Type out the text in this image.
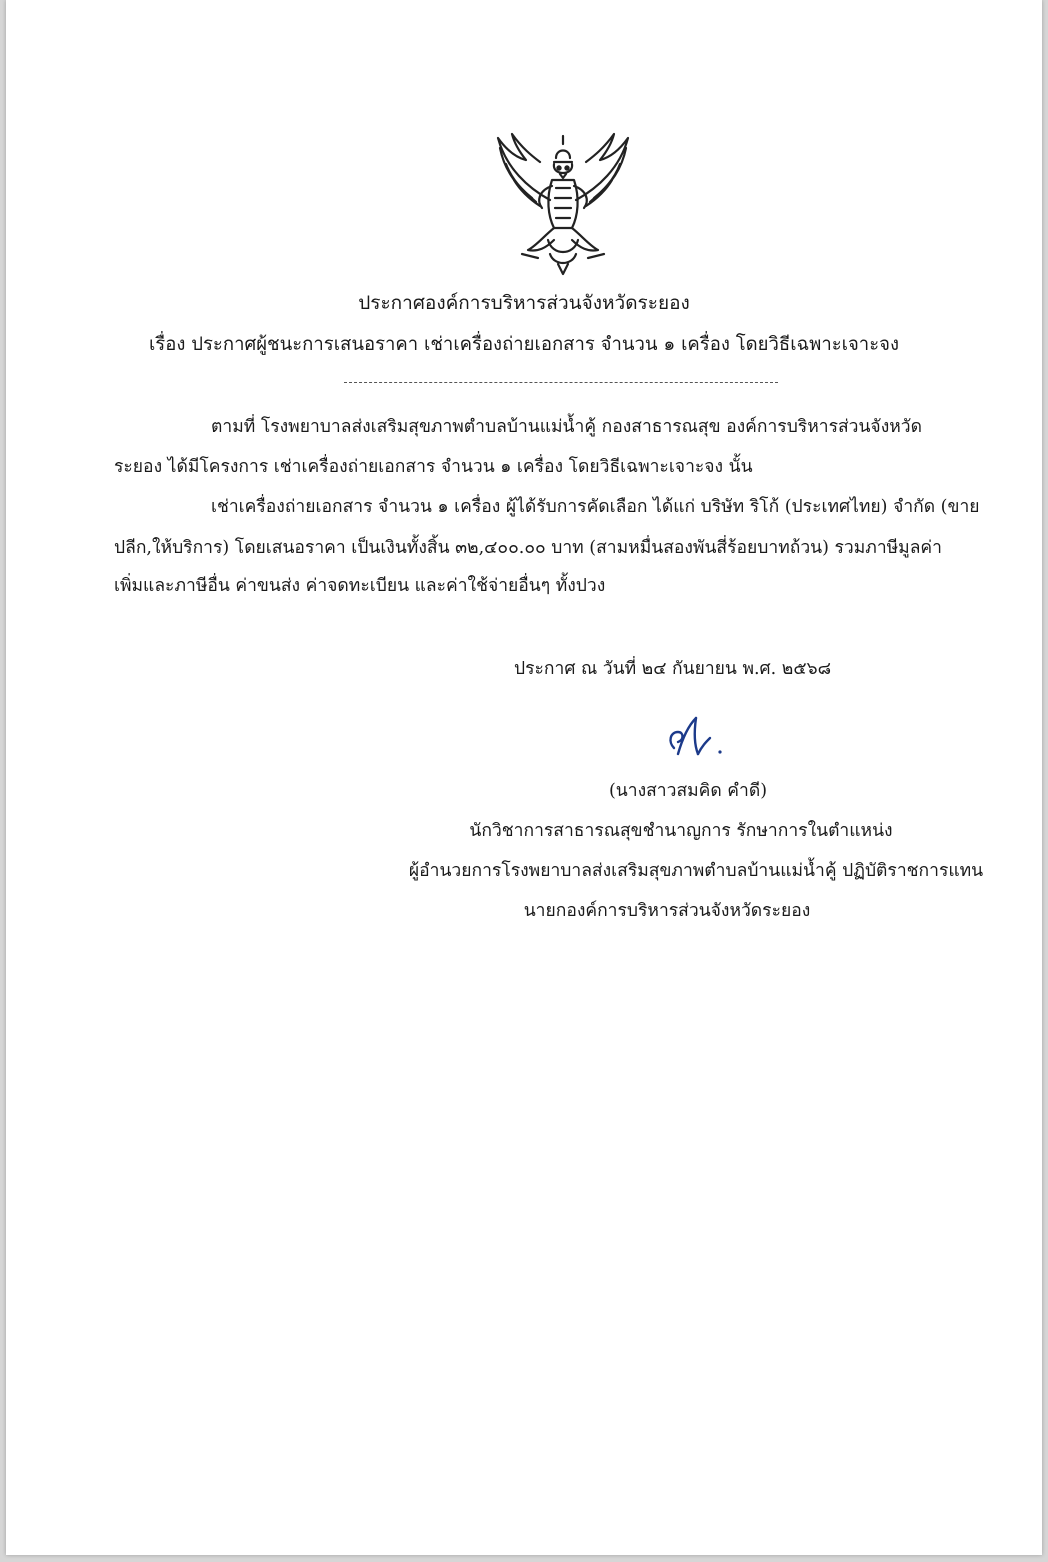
ประกาศองค์การบริหารส่วนจังหวัดระยอง
เรื่อง ประกาศผู้ชนะการเสนอราคา เช่าเครื่องถ่ายเอกสาร จำนวน ๑ เครื่อง โดยวิธีเฉพาะเจาะจง
ตามที่ โรงพยาบาลส่งเสริมสุขภาพตำบลบ้านแม่น้ำคู้ กองสาธารณสุข องค์การบริหารส่วนจังหวัด
ระยอง ได้มีโครงการ เช่าเครื่องถ่ายเอกสาร จำนวน ๑ เครื่อง โดยวิธีเฉพาะเจาะจง นั้น
เช่าเครื่องถ่ายเอกสาร จำนวน ๑ เครื่อง ผู้ได้รับการคัดเลือก ได้แก่ บริษัท ริโก้ (ประเทศไทย) จำกัด (ขาย
ปลีก,ให้บริการ) โดยเสนอราคา เป็นเงินทั้งสิ้น ๓๒,๔๐๐.๐๐ บาท (สามหมื่นสองพันสี่ร้อยบาทถ้วน) รวมภาษีมูลค่า
เพิ่มและภาษีอื่น ค่าขนส่ง ค่าจดทะเบียน และค่าใช้จ่ายอื่นๆ ทั้งปวง
ประกาศ ณ วันที่ ๒๔ กันยายน พ.ศ. ๒๕๖๘
(นางสาวสมคิด คำดี)
นักวิชาการสาธารณสุขชำนาญการ รักษาการในตำแหน่ง
ผู้อำนวยการโรงพยาบาลส่งเสริมสุขภาพตำบลบ้านแม่น้ำคู้ ปฏิบัติราชการแทน
นายกองค์การบริหารส่วนจังหวัดระยอง
